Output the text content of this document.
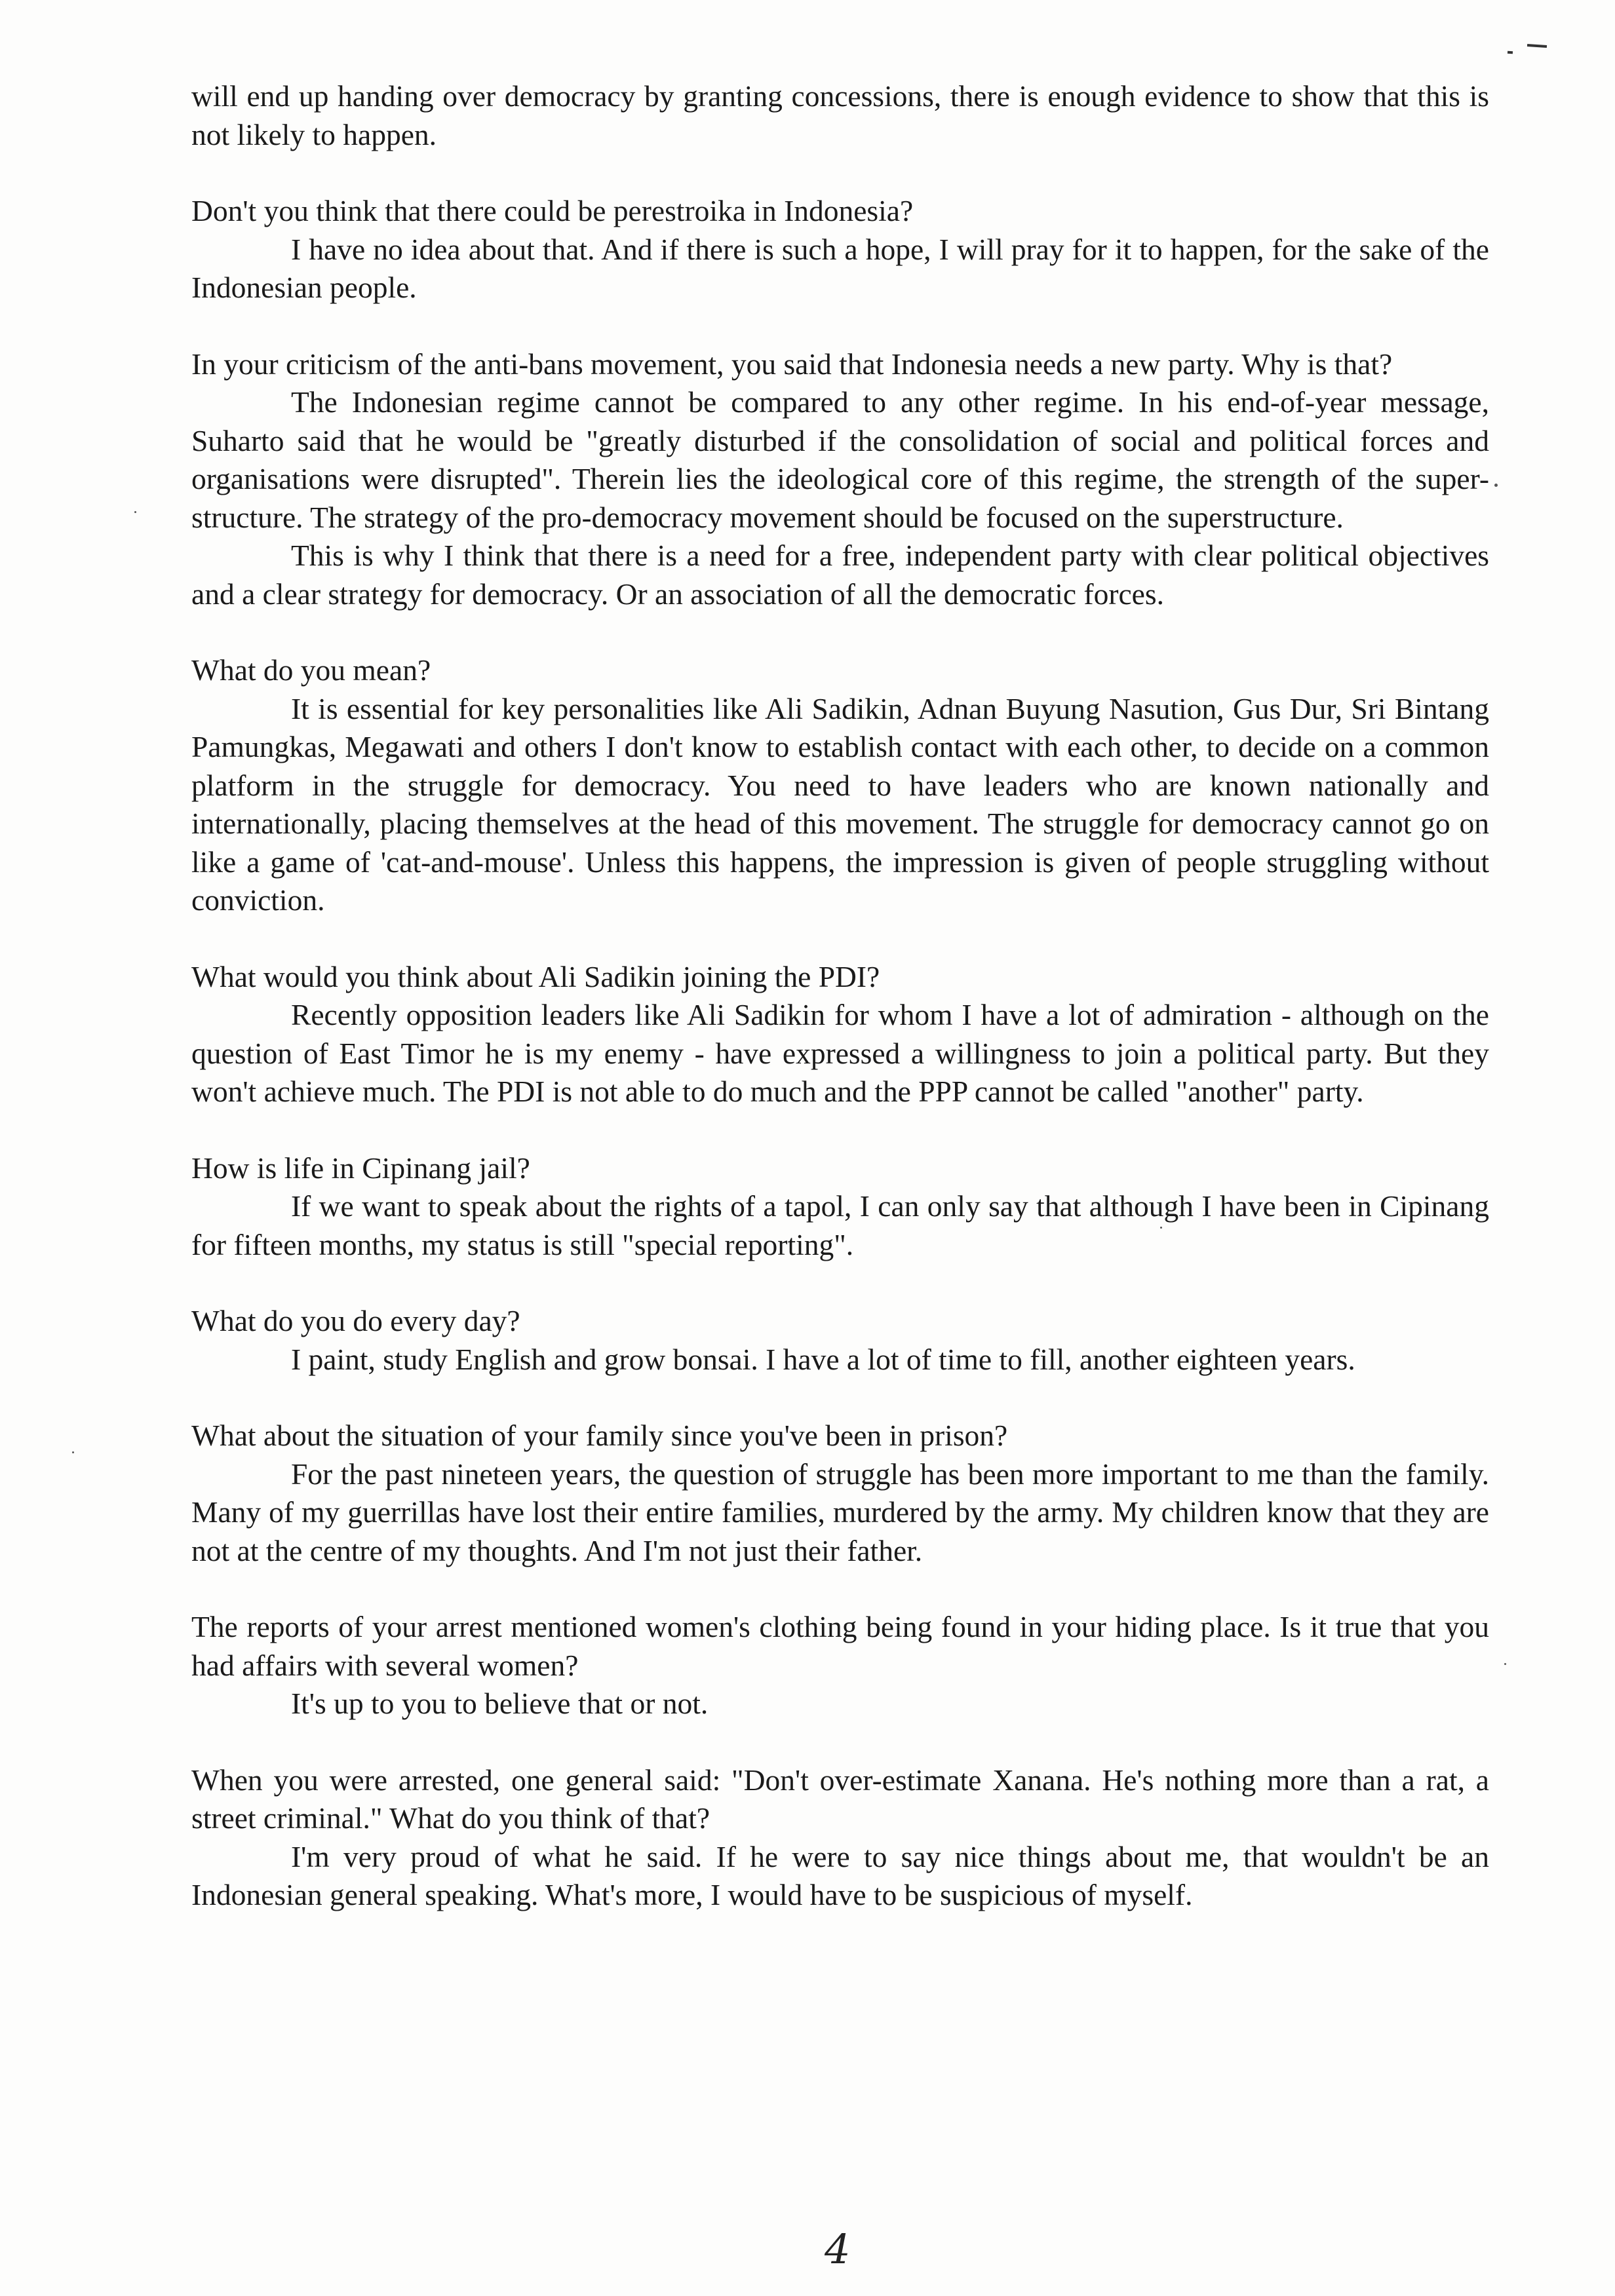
will end up handing over democracy by granting concessions, there is enough evidence to show that this is not likely to happen.

Don't you think that there could be perestroika in Indonesia?

I have no idea about that. And if there is such a hope, I will pray for it to happen, for the sake of the Indonesian people.

In your criticism of the anti-bans movement, you said that Indonesia needs a new party. Why is that?

The Indonesian regime cannot be compared to any other regime. In his end-of-year message, Suharto said that he would be "greatly disturbed if the consolidation of social and political forces and organisations were disrupted". Therein lies the ideological core of this regime, the strength of the super-structure. The strategy of the pro-democracy movement should be focused on the superstructure.

This is why I think that there is a need for a free, independent party with clear political objectives and a clear strategy for democracy. Or an association of all the democratic forces.

What do you mean?

It is essential for key personalities like Ali Sadikin, Adnan Buyung Nasution, Gus Dur, Sri Bintang Pamungkas, Megawati and others I don't know to establish contact with each other, to decide on a common platform in the struggle for democracy. You need to have leaders who are known nationally and internationally, placing themselves at the head of this movement. The struggle for democracy cannot go on like a game of 'cat-and-mouse'. Unless this happens, the impression is given of people struggling without conviction.

What would you think about Ali Sadikin joining the PDI?

Recently opposition leaders like Ali Sadikin for whom I have a lot of admiration - although on the question of East Timor he is my enemy - have expressed a willingness to join a political party. But they won't achieve much. The PDI is not able to do much and the PPP cannot be called "another" party.

How is life in Cipinang jail?

If we want to speak about the rights of a tapol, I can only say that although I have been in Cipinang for fifteen months, my status is still "special reporting".

What do you do every day?

I paint, study English and grow bonsai. I have a lot of time to fill, another eighteen years.

What about the situation of your family since you've been in prison?

For the past nineteen years, the question of struggle has been more important to me than the family. Many of my guerrillas have lost their entire families, murdered by the army. My children know that they are not at the centre of my thoughts. And I'm not just their father.

The reports of your arrest mentioned women's clothing being found in your hiding place. Is it true that you had affairs with several women?

It's up to you to believe that or not.

When you were arrested, one general said: "Don't over-estimate Xanana. He's nothing more than a rat, a street criminal." What do you think of that?

I'm very proud of what he said. If he were to say nice things about me, that wouldn't be an Indonesian general speaking. What's more, I would have to be suspicious of myself.

4
